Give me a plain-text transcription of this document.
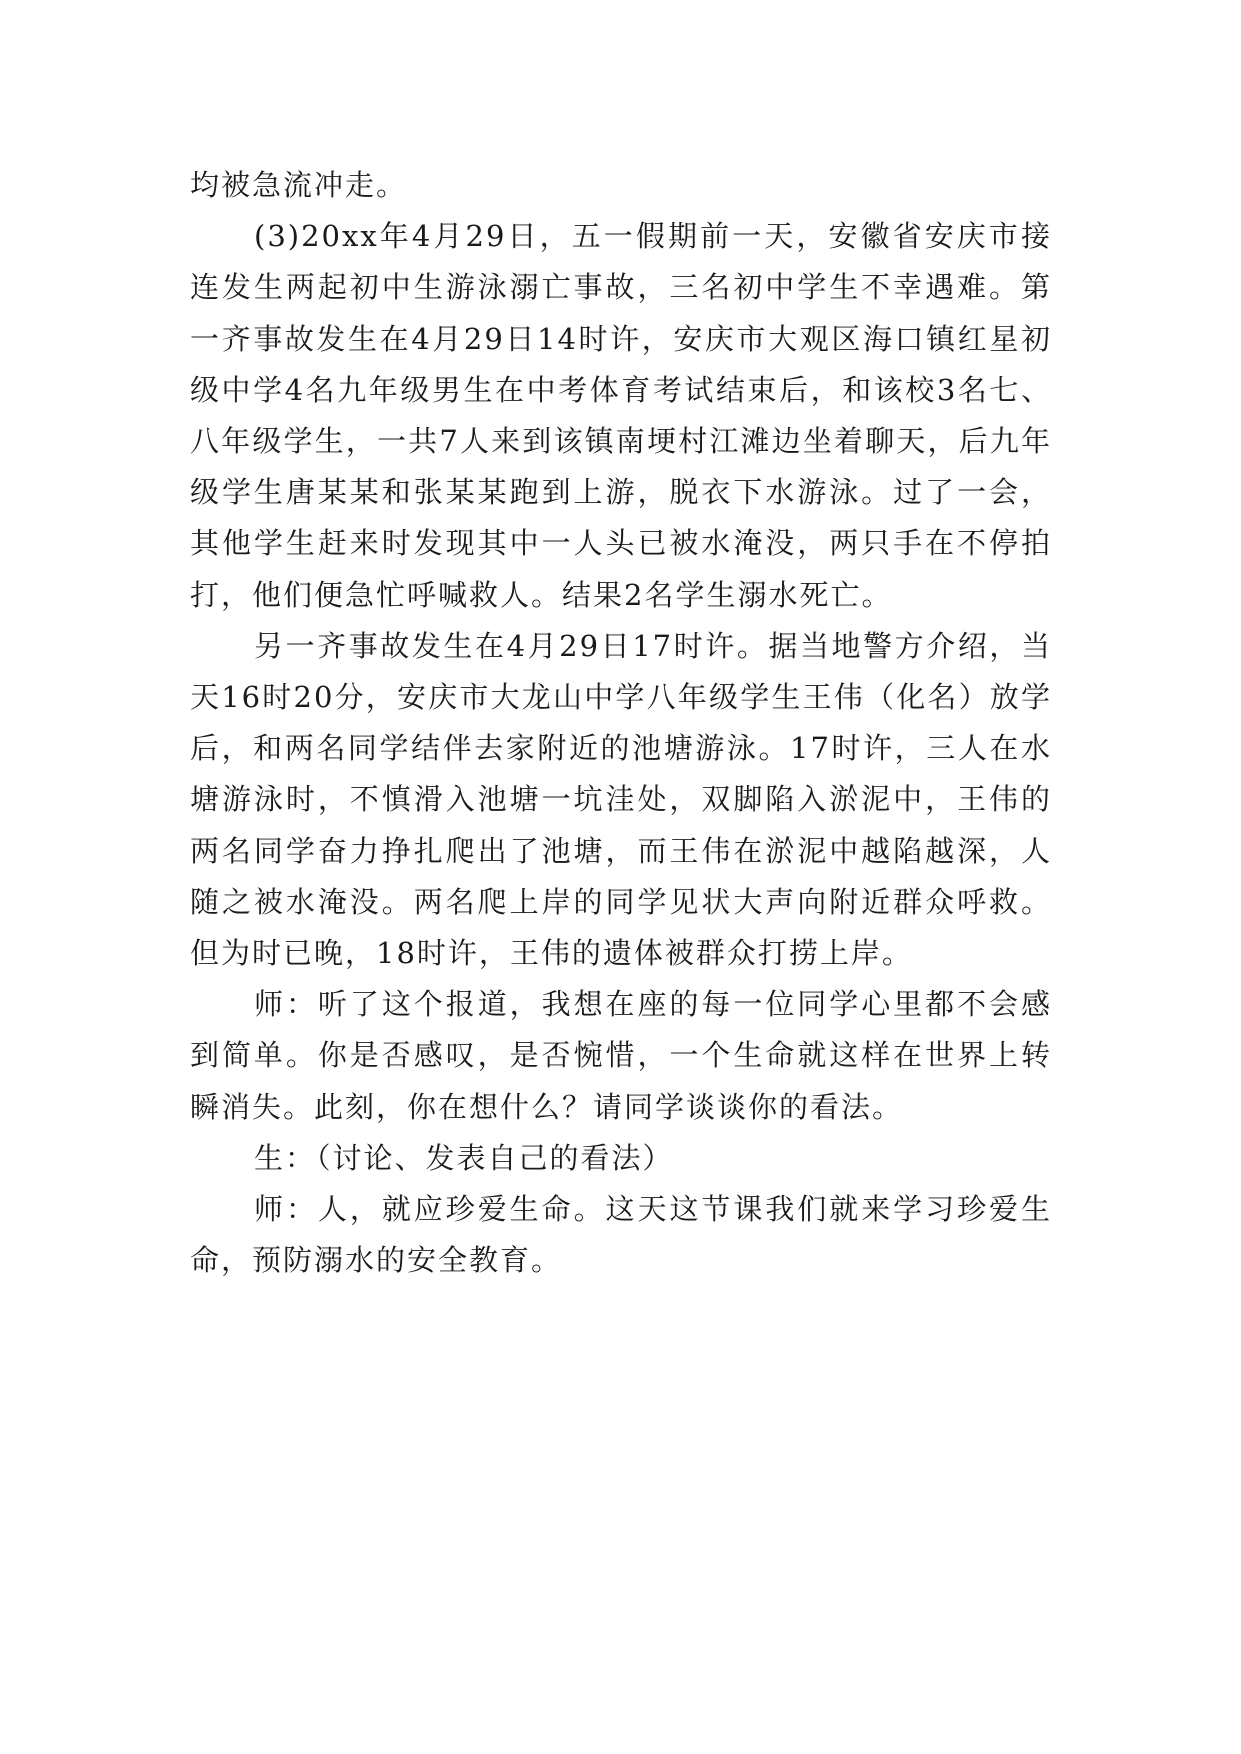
均被急流冲走。

(3)20xx年4月29日，五一假期前一天，安徽省安庆市接连发生两起初中生游泳溺亡事故，三名初中学生不幸遇难。第一齐事故发生在4月29日14时许，安庆市大观区海口镇红星初级中学4名九年级男生在中考体育考试结束后，和该校3名七、八年级学生，一共7人来到该镇南埂村江滩边坐着聊天，后九年级学生唐某某和张某某跑到上游，脱衣下水游泳。过了一会，其他学生赶来时发现其中一人头已被水淹没，两只手在不停拍打，他们便急忙呼喊救人。结果2名学生溺水死亡。

另一齐事故发生在4月29日17时许。据当地警方介绍，当天16时20分，安庆市大龙山中学八年级学生王伟（化名）放学后，和两名同学结伴去家附近的池塘游泳。17时许，三人在水塘游泳时，不慎滑入池塘一坑洼处，双脚陷入淤泥中，王伟的两名同学奋力挣扎爬出了池塘，而王伟在淤泥中越陷越深，人随之被水淹没。两名爬上岸的同学见状大声向附近群众呼救。但为时已晚，18时许，王伟的遗体被群众打捞上岸。

师：听了这个报道，我想在座的每一位同学心里都不会感到简单。你是否感叹，是否惋惜，一个生命就这样在世界上转瞬消失。此刻，你在想什么？请同学谈谈你的看法。

生：（讨论、发表自己的看法）

师：人，就应珍爱生命。这天这节课我们就来学习珍爱生命，预防溺水的安全教育。
